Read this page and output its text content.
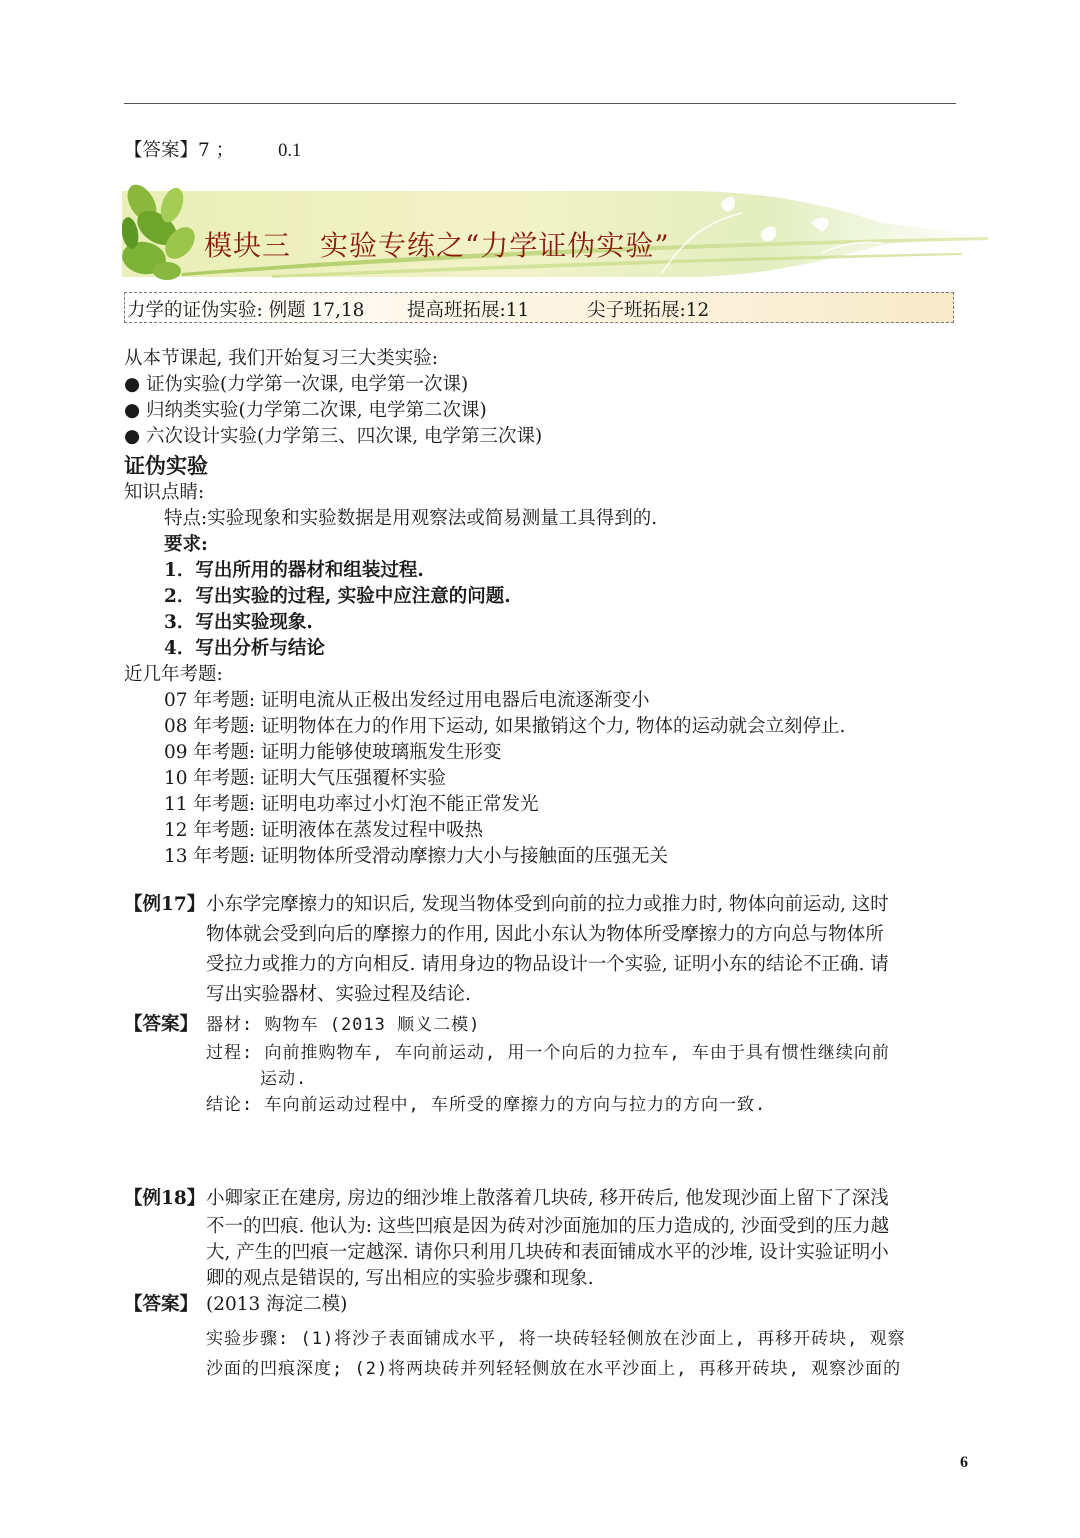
【答案】7 ； 0.1
模块三　实验专练之“力学证伪实验”
力学的证伪实验: 例题 17,18 提高班拓展:11	尖子班拓展:12
从本节课起, 我们开始复习三大类实验:
● 证伪实验(力学第一次课, 电学第一次课)
● 归纳类实验(力学第二次课, 电学第二次课)
● 六次设计实验(力学第三、四次课, 电学第三次课)
证伪实验
知识点睛:
特点:实验现象和实验数据是用观察法或简易测量工具得到的.
要求:
1．写出所用的器材和组装过程.
2．写出实验的过程, 实验中应注意的问题.
3．写出实验现象.
4．写出分析与结论
近几年考题:
07 年考题: 证明电流从正极出发经过用电器后电流逐渐变小
08 年考题: 证明物体在力的作用下运动, 如果撤销这个力, 物体的运动就会立刻停止.
09 年考题: 证明力能够使玻璃瓶发生形变
10 年考题: 证明大气压强覆杯实验
11 年考题: 证明电功率过小灯泡不能正常发光
12 年考题: 证明液体在蒸发过程中吸热
13 年考题: 证明物体所受滑动摩擦力大小与接触面的压强无关
【例17】 小东学完摩擦力的知识后, 发现当物体受到向前的拉力或推力时, 物体向前运动, 这时
物体就会受到向后的摩擦力的作用, 因此小东认为物体所受摩擦力的方向总与物体所
受拉力或推力的方向相反. 请用身边的物品设计一个实验, 证明小东的结论不正确. 请
写出实验器材、实验过程及结论.
【答案】 器材: 购物车 (2013 顺义二模)
过程: 向前推购物车, 车向前运动, 用一个向后的力拉车, 车由于具有惯性继续向前
运动.
结论: 车向前运动过程中, 车所受的摩擦力的方向与拉力的方向一致.
【例18】 小卿家正在建房, 房边的细沙堆上散落着几块砖, 移开砖后, 他发现沙面上留下了深浅
不一的凹痕. 他认为: 这些凹痕是因为砖对沙面施加的压力造成的, 沙面受到的压力越
大, 产生的凹痕一定越深. 请你只利用几块砖和表面铺成水平的沙堆, 设计实验证明小
卿的观点是错误的, 写出相应的实验步骤和现象.
【答案】 (2013 海淀二模)
实验步骤: (1)将沙子表面铺成水平, 将一块砖轻轻侧放在沙面上, 再移开砖块, 观察
沙面的凹痕深度; (2)将两块砖并列轻轻侧放在水平沙面上, 再移开砖块, 观察沙面的
6
